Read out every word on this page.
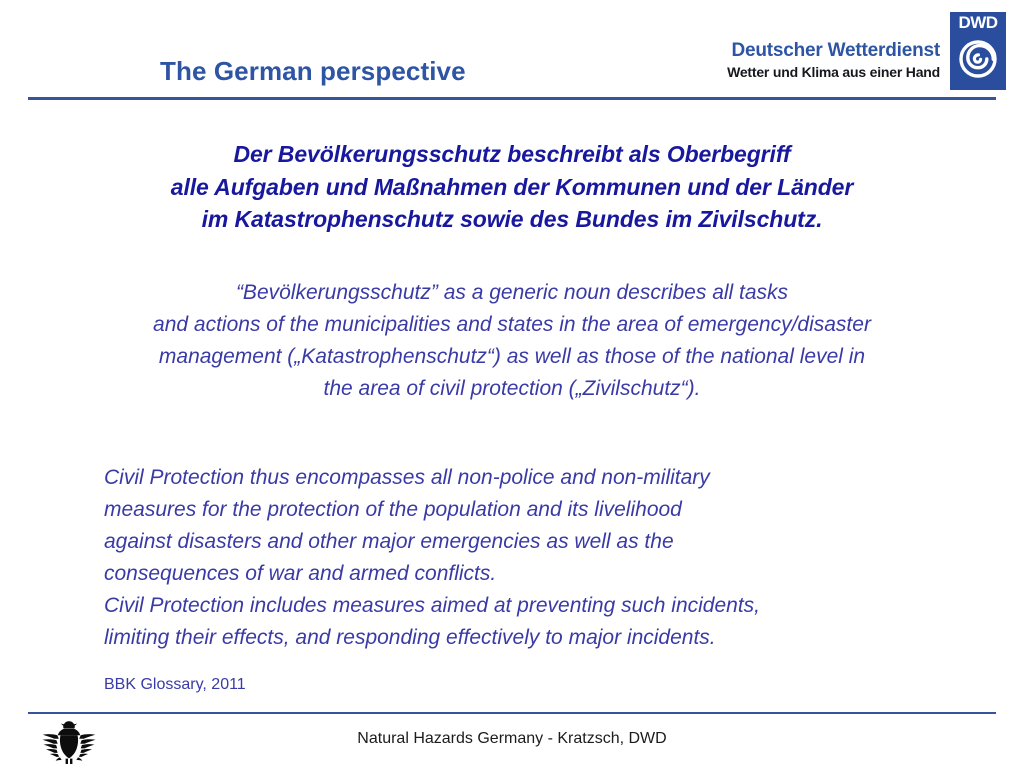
The German perspective
Deutscher Wetterdienst
Wetter und Klima aus einer Hand
DWD
Der Bevölkerungsschutz beschreibt als Oberbegriff
alle Aufgaben und Maßnahmen der Kommunen und der Länder
im Katastrophenschutz sowie des Bundes im Zivilschutz.
“Bevölkerungsschutz” as a generic noun describes all tasks
and actions of the municipalities and states in the area of emergency/disaster
management („Katastrophenschutz“) as well as those of the national level in
the area of civil protection („Zivilschutz“).
Civil Protection thus encompasses all non-police and non-military
measures for the protection of the population and its livelihood
against disasters and other major emergencies as well as the
consequences of war and armed conflicts.
Civil Protection includes measures aimed at preventing such incidents,
limiting their effects, and responding effectively to major incidents.
BBK Glossary, 2011
Natural Hazards Germany - Kratzsch, DWD
